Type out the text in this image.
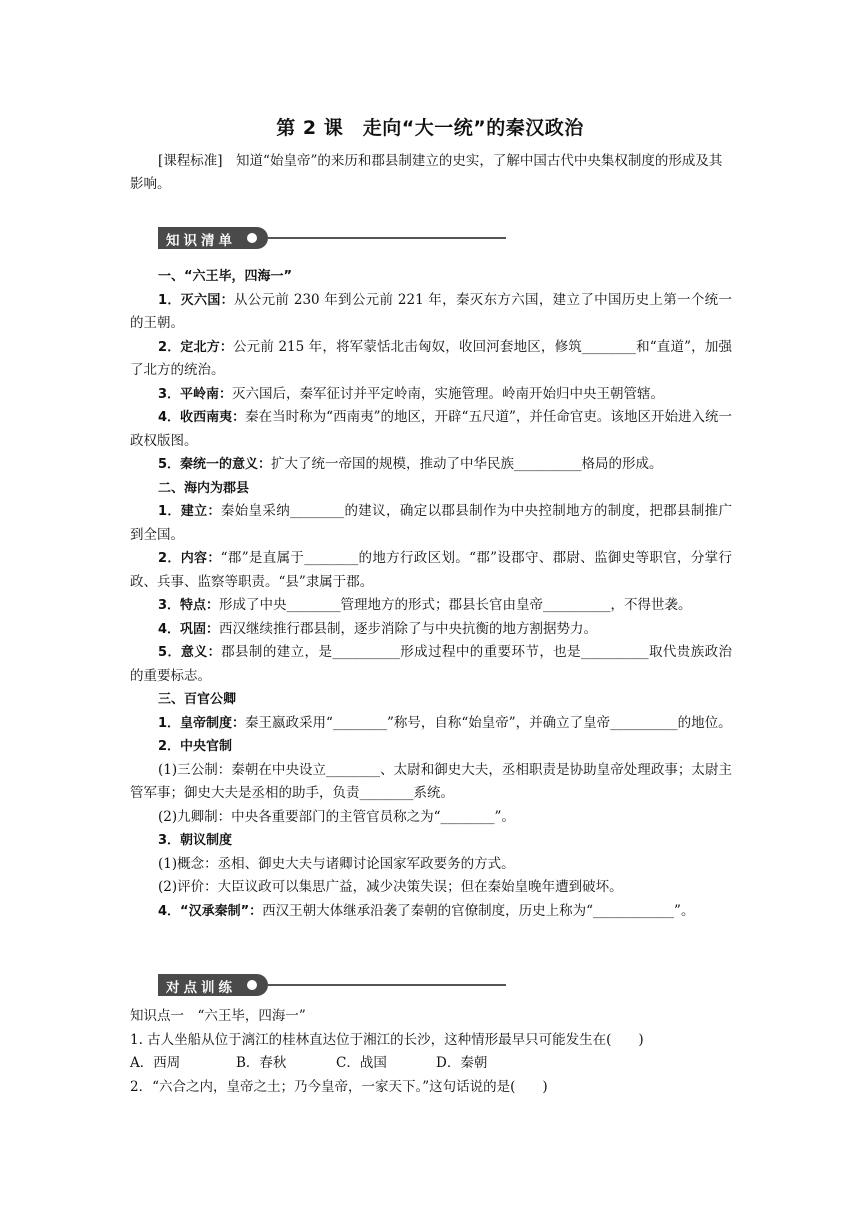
第 2 课　走向“大一统”的秦汉政治
[课程标准]　知道“始皇帝”的来历和郡县制建立的史实，了解中国古代中央集权制度的形成及其影响。
知识清单

一、“六王毕，四海一”

1．灭六国：从公元前 230 年到公元前 221 年，秦灭东方六国，建立了中国历史上第一个统一的王朝。

2．定北方：公元前 215 年，将军蒙恬北击匈奴，收回河套地区，修筑________和“直道”，加强了北方的统治。

3．平岭南：灭六国后，秦军征讨并平定岭南，实施管理。岭南开始归中央王朝管辖。

4．收西南夷：秦在当时称为“西南夷”的地区，开辟“五尺道”，并任命官吏。该地区开始进入统一政权版图。

5．秦统一的意义：扩大了统一帝国的规模，推动了中华民族__________格局的形成。

二、海内为郡县

1．建立：秦始皇采纳________的建议，确定以郡县制作为中央控制地方的制度，把郡县制推广到全国。

2．内容：“郡”是直属于________的地方行政区划。“郡”设郡守、郡尉、监御史等职官，分掌行政、兵事、监察等职责。“县”隶属于郡。

3．特点：形成了中央________管理地方的形式；郡县长官由皇帝__________，不得世袭。

4．巩固：西汉继续推行郡县制，逐步消除了与中央抗衡的地方割据势力。

5．意义：郡县制的建立，是__________形成过程中的重要环节，也是__________取代贵族政治的重要标志。

三、百官公卿

1．皇帝制度：秦王嬴政采用“________”称号，自称“始皇帝”，并确立了皇帝__________的地位。

2．中央官制

(1)三公制：秦朝在中央设立________、太尉和御史大夫，丞相职责是协助皇帝处理政事；太尉主管军事；御史大夫是丞相的助手，负责________系统。

(2)九卿制：中央各重要部门的主管官员称之为“________”。

3．朝议制度

(1)概念：丞相、御史大夫与诸卿讨论国家军政要务的方式。

(2)评价：大臣议政可以集思广益，减少决策失误；但在秦始皇晚年遭到破坏。

4．“汉承秦制”：西汉王朝大体继承沿袭了秦朝的官僚制度，历史上称为“____________”。

对点训练

知识点一　“六王毕，四海一”

1. 古人坐船从位于漓江的桂林直达位于湘江的长沙，这种情形最早只可能发生在(　　)

A．西周	B．春秋	C．战国	D．秦朝

2．“六合之内，皇帝之土；乃今皇帝，一家天下。”这句话说的是(　　)
